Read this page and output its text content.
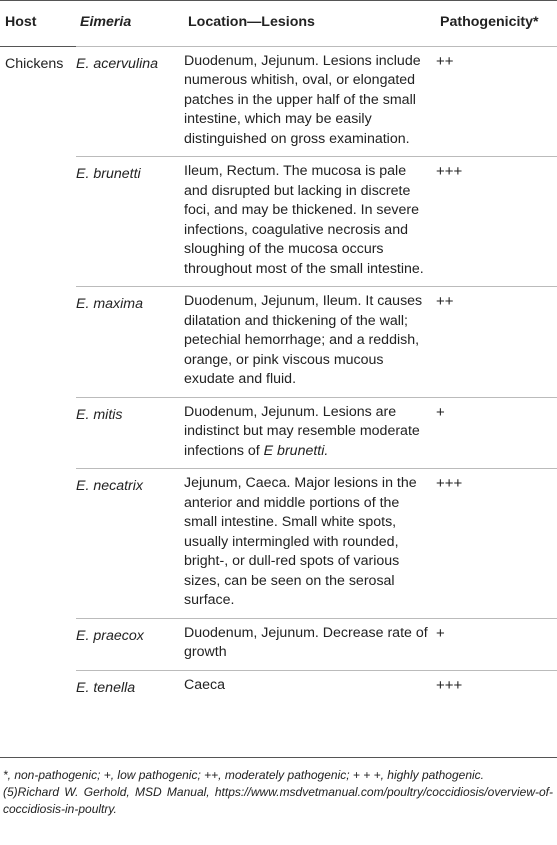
Host	Eimeria	Location—Lesions	Pathogenicity*
Chickens	E. acervulina	Duodenum, Jejunum. Lesions include numerous whitish, oval, or elongated patches in the upper half of the small intestine, which may be easily distinguished on gross examination.	++
	E. brunetti	Ileum, Rectum. The mucosa is pale and disrupted but lacking in discrete foci, and may be thickened. In severe infections, coagulative necrosis and sloughing of the mucosa occurs throughout most of the small intestine.	+++
	E. maxima	Duodenum, Jejunum, Ileum. It causes dilatation and thickening of the wall; petechial hemorrhage; and a reddish, orange, or pink viscous mucous exudate and fluid.	++
	E. mitis	Duodenum, Jejunum. Lesions are indistinct but may resemble moderate infections of E brunetti.	+
	E. necatrix	Jejunum, Caeca. Major lesions in the anterior and middle portions of the small intestine. Small white spots, usually intermingled with rounded, bright-, or dull-red spots of various sizes, can be seen on the serosal surface.	+++
	E. praecox	Duodenum, Jejunum. Decrease rate of growth	+
	E. tenella	Caeca	+++

*, non-pathogenic; +, low pathogenic; ++, moderately pathogenic; + + +, highly pathogenic.

(5)Richard W. Gerhold, MSD Manual, https://www.msdvetmanual.com/poultry/coccidiosis/overview-of-coccidiosis-in-poultry.
